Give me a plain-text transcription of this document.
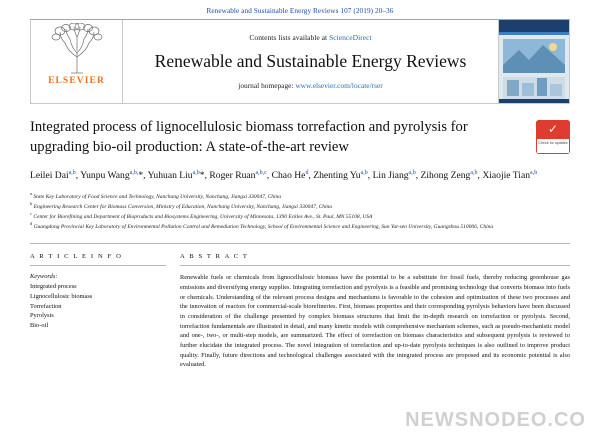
Renewable and Sustainable Energy Reviews 107 (2019) 20–36
ELSEVIER
Contents lists available at ScienceDirect
Renewable and Sustainable Energy Reviews
journal homepage: www.elsevier.com/locate/rser
Integrated process of lignocellulosic biomass torrefaction and pyrolysis for upgrading bio-oil production: A state-of-the-art review
✓
Check for updates
Leilei Dai$^{a,b}$, Yunpu Wang$^{a,b,}$*, Yuhuan Liu$^{a,b}$*, Roger Ruan$^{a,b,c}$, Chao He$^d$, Zhenting Yu$^{a,b}$, Lin Jiang$^{a,b}$, Zihong Zeng$^{a,b}$, Xiaojie Tian$^{a,b}$
$^a$ State Key Laboratory of Food Science and Technology, Nanchang University, Nanchang, Jiangxi 330047, China
$^b$ Engineering Research Center for Biomass Conversion, Ministry of Education, Nanchang University, Nanchang, Jiangxi 330047, China
$^c$ Center for Biorefining and Department of Bioproducts and Biosystems Engineering, University of Minnesota, 1390 Eckles Ave., St. Paul, MN 55108, USA
$^d$ Guangdong Provincial Key Laboratory of Environmental Pollution Control and Remediation Technology, School of Environmental Science and Engineering, Sun Yat-sen University, Guangzhou 510006, China
A R T I C L E I N F O
Keywords:
Integrated process
Lignocellulosic biomass
Torrefaction
Pyrolysis
Bio-oil
A B S T R A C T
Renewable fuels or chemicals from lignocellulosic biomass have the potential to be a substitute for fossil fuels, thereby reducing greenhouse gas emissions and diversifying energy supplies. Integrating torrefaction and pyrolysis is a feasible and promising technology that converts biomass into fuels or chemicals. Understanding of the relevant process designs and mechanisms is favorable to the cohesion and optimization of these two processes and the innovation of reactors for commercial-scale biorefineries. First, biomass properties and their corresponding pyrolysis behaviors have been discussed in consideration of the challenge presented by complex biomass structures that limit the in-depth research on torrefaction or pyrolysis. Second, torrefaction fundamentals are illustrated in detail, and many kinetic models with comprehensive mechanism schemes, such as pseudo-mechanistic model and one-, two-, or multi-step models, are summarized. The effect of torrefaction on biomass characteristics and subsequent pyrolysis is reviewed to further elucidate the integrated process. The novel integration of torrefaction and up-to-date pyrolysis techniques is also outlined to improve product quality. Finally, future directions and technological challenges associated with the integrated process are proposed and its economic potential is also evaluated.
NEWSNODEO.CO
